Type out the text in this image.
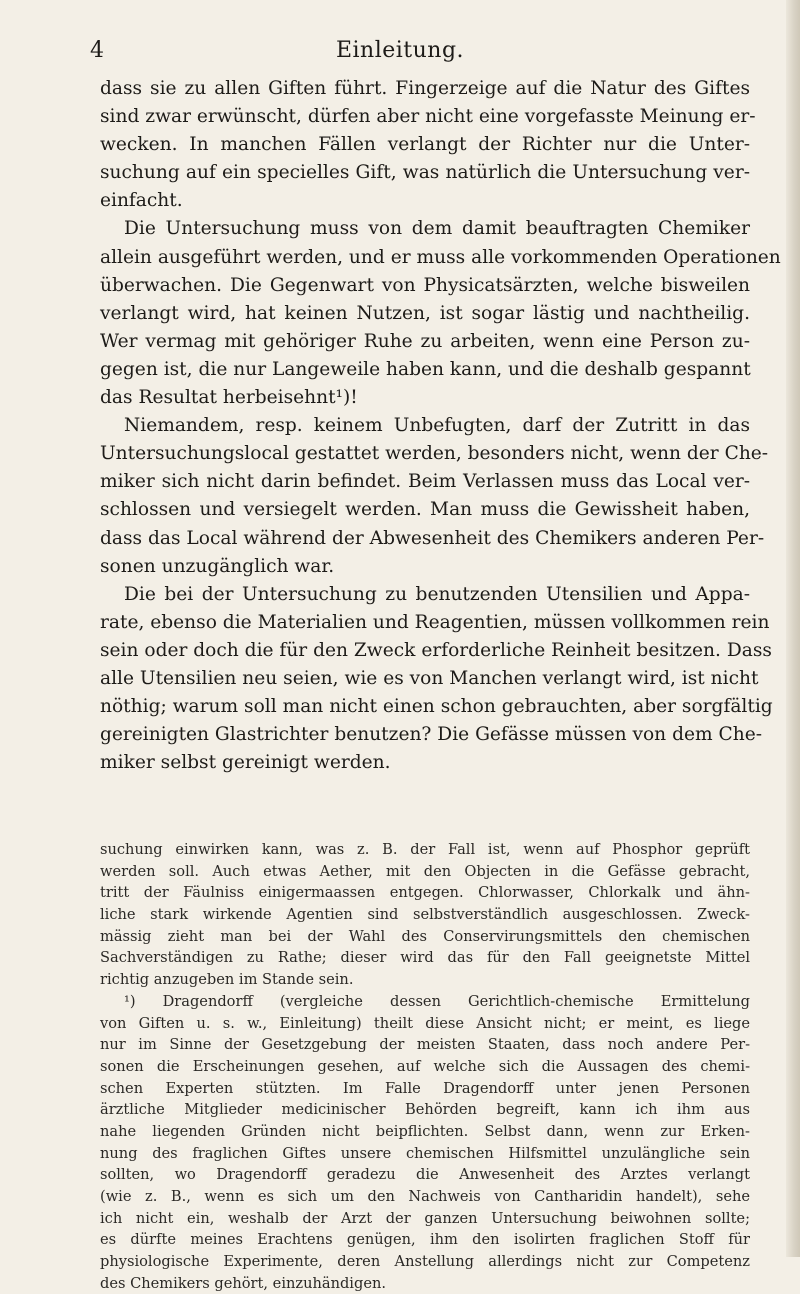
4	Einleitung.
dass sie zu allen Giften führt. Fingerzeige auf die Natur des Giftes
sind zwar erwünscht, dürfen aber nicht eine vorgefasste Meinung er-
wecken. In manchen Fällen verlangt der Richter nur die Unter-
suchung auf ein specielles Gift, was natürlich die Untersuchung ver-
einfacht.
Die Untersuchung muss von dem damit beauftragten Chemiker
allein ausgeführt werden, und er muss alle vorkommenden Operationen
überwachen. Die Gegenwart von Physicatsärzten, welche bisweilen
verlangt wird, hat keinen Nutzen, ist sogar lästig und nachtheilig.
Wer vermag mit gehöriger Ruhe zu arbeiten, wenn eine Person zu-
gegen ist, die nur Langeweile haben kann, und die deshalb gespannt
das Resultat herbeisehnt¹)!
Niemandem, resp. keinem Unbefugten, darf der Zutritt in das
Untersuchungslocal gestattet werden, besonders nicht, wenn der Che-
miker sich nicht darin befindet. Beim Verlassen muss das Local ver-
schlossen und versiegelt werden. Man muss die Gewissheit haben,
dass das Local während der Abwesenheit des Chemikers anderen Per-
sonen unzugänglich war.
Die bei der Untersuchung zu benutzenden Utensilien und Appa-
rate, ebenso die Materialien und Reagentien, müssen vollkommen rein
sein oder doch die für den Zweck erforderliche Reinheit besitzen. Dass
alle Utensilien neu seien, wie es von Manchen verlangt wird, ist nicht
nöthig; warum soll man nicht einen schon gebrauchten, aber sorgfältig
gereinigten Glastrichter benutzen? Die Gefässe müssen von dem Che-
miker selbst gereinigt werden.
suchung einwirken kann, was z. B. der Fall ist, wenn auf Phosphor geprüft
werden soll. Auch etwas Aether, mit den Objecten in die Gefässe gebracht,
tritt der Fäulniss einigermaassen entgegen. Chlorwasser, Chlorkalk und ähn-
liche stark wirkende Agentien sind selbstverständlich ausgeschlossen. Zweck-
mässig zieht man bei der Wahl des Conservirungsmittels den chemischen
Sachverständigen zu Rathe; dieser wird das für den Fall geeignetste Mittel
richtig anzugeben im Stande sein.
¹) Dragendorff (vergleiche dessen Gerichtlich-chemische Ermittelung
von Giften u. s. w., Einleitung) theilt diese Ansicht nicht; er meint, es liege
nur im Sinne der Gesetzgebung der meisten Staaten, dass noch andere Per-
sonen die Erscheinungen gesehen, auf welche sich die Aussagen des chemi-
schen Experten stützten. Im Falle Dragendorff unter jenen Personen
ärztliche Mitglieder medicinischer Behörden begreift, kann ich ihm aus
nahe liegenden Gründen nicht beipflichten. Selbst dann, wenn zur Erken-
nung des fraglichen Giftes unsere chemischen Hilfsmittel unzulängliche sein
sollten, wo Dragendorff geradezu die Anwesenheit des Arztes verlangt
(wie z. B., wenn es sich um den Nachweis von Cantharidin handelt), sehe
ich nicht ein, weshalb der Arzt der ganzen Untersuchung beiwohnen sollte;
es dürfte meines Erachtens genügen, ihm den isolirten fraglichen Stoff für
physiologische Experimente, deren Anstellung allerdings nicht zur Competenz
des Chemikers gehört, einzuhändigen.
